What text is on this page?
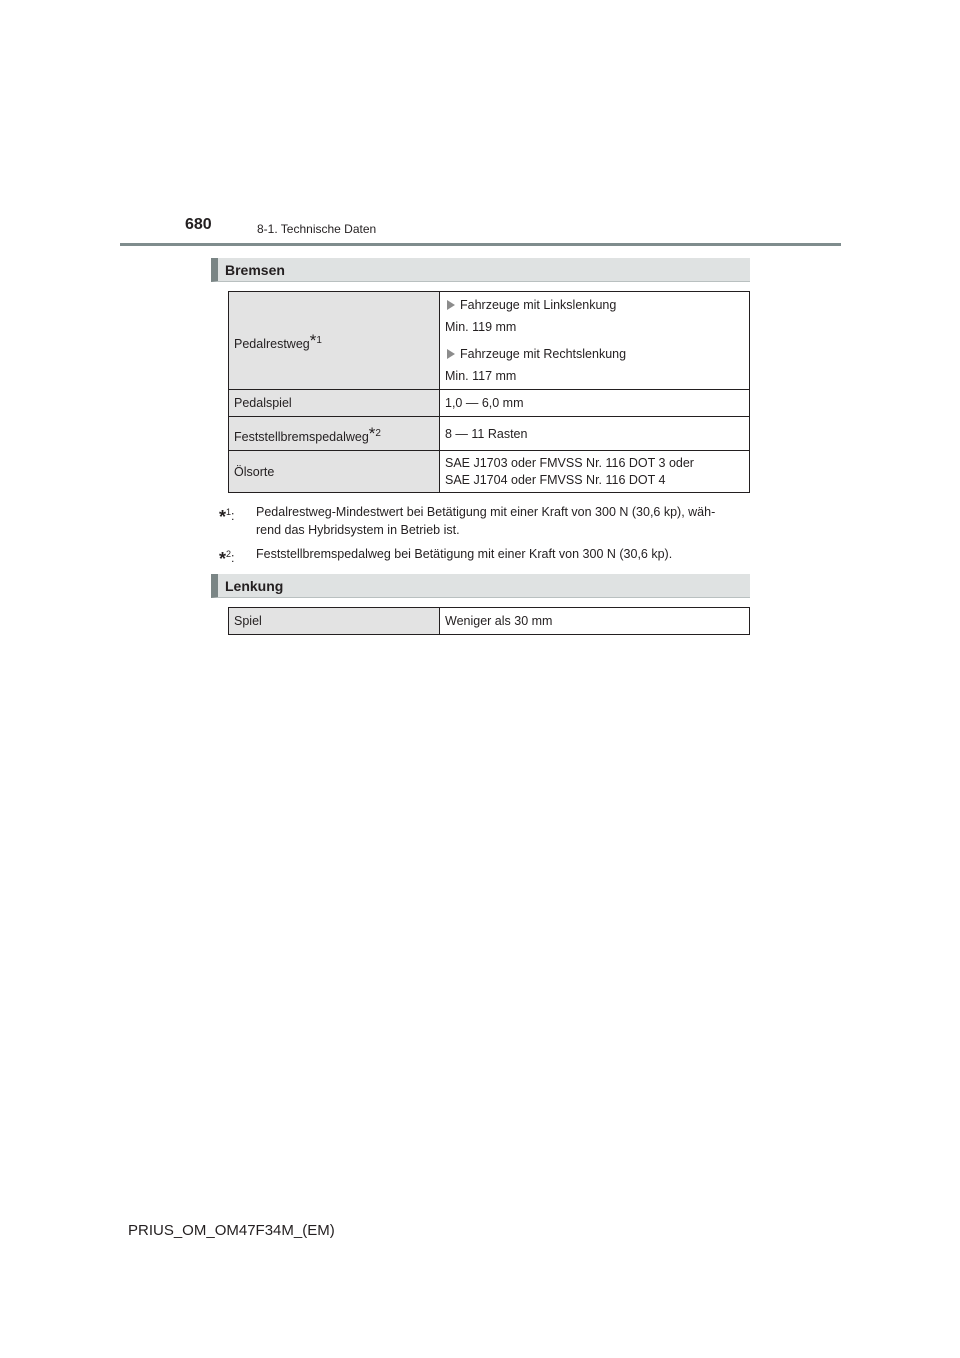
680	8-1. Technische Daten
Bremsen
Pedalrestweg$^{*1}$	Fahrzeuge mit Linkslenkung
Min. 119 mm
Fahrzeuge mit Rechtslenkung
Min. 117 mm

Pedalspiel	1,0 — 6,0 mm
Feststellbremspedalweg$^{*2}$	8 — 11 Rasten
Ölsorte	SAE J1703 oder FMVSS Nr. 116 DOT 3 oder
SAE J1704 oder FMVSS Nr. 116 DOT 4
*$^1$: Pedalrestweg-Mindestwert bei Betätigung mit einer Kraft von 300 N (30,6 kp), wäh-
rend das Hybridsystem in Betrieb ist.
*$^2$: Feststellbremspedalweg bei Betätigung mit einer Kraft von 300 N (30,6 kp).
Lenkung
Spiel	Weniger als 30 mm
PRIUS_OM_OM47F34M_(EM)
